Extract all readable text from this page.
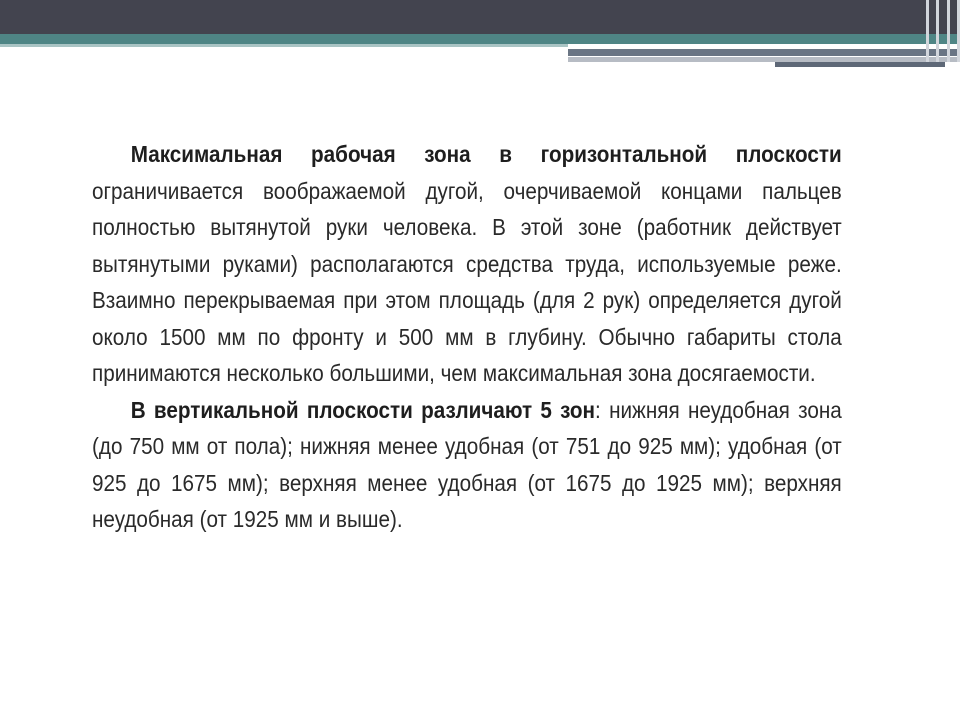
Максимальная рабочая зона в горизонтальной плоскости ограничивается воображаемой дугой, очерчиваемой концами пальцев полностью вытянутой руки человека. В этой зоне (работник действует вытянутыми руками) располагаются средства труда, используемые реже. Взаимно перекрываемая при этом площадь (для 2 рук) определяется дугой около 1500 мм по фронту и 500 мм в глубину. Обычно габариты стола принимаются несколько большими, чем максимальная зона досягаемости.

В вертикальной плоскости различают 5 зон: нижняя неудобная зона (до 750 мм от пола); нижняя менее удобная (от 751 до 925 мм); удобная (от 925 до 1675 мм); верхняя менее удобная (от 1675 до 1925 мм); верхняя неудобная (от 1925 мм и выше).
